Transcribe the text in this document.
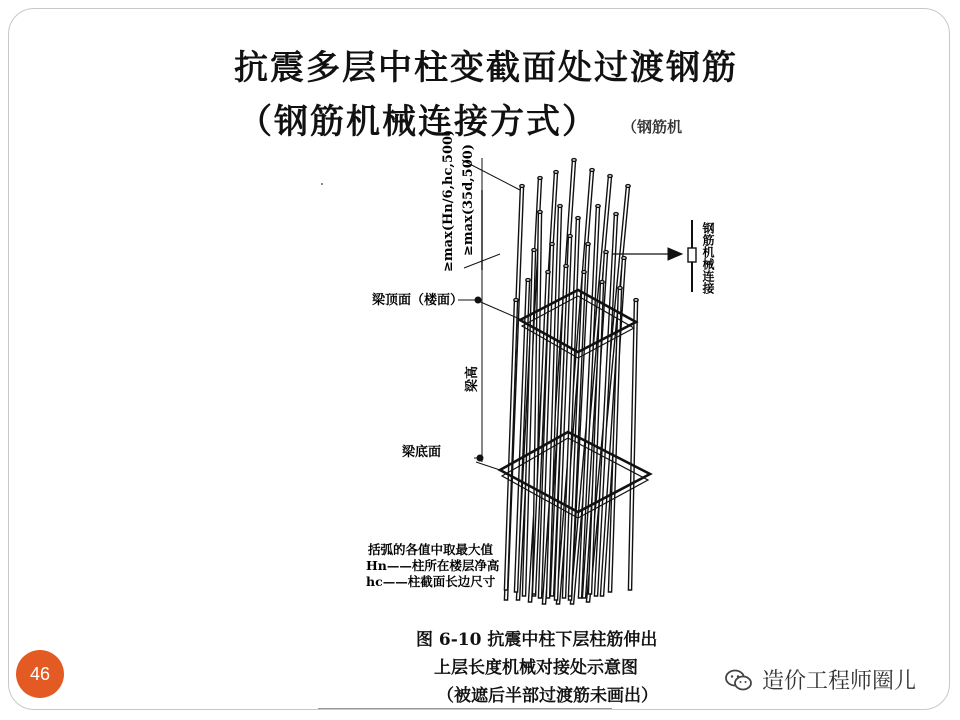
（钢筋机
抗震多层中柱变截面处过渡钢筋
（钢筋机械连接方式）
钢筋机械连接
≥max(Hn/6,hc,500) ≥max(35d,500)
梁高
梁顶面（楼面）
梁底面
括弧的各值中取最大值
Hn——柱所在楼层净高
hc——柱截面长边尺寸
图 6-10 抗震中柱下层柱筋伸出
上层长度机械对接处示意图
（被遮后半部过渡筋未画出）
46	造价工程师圈儿
